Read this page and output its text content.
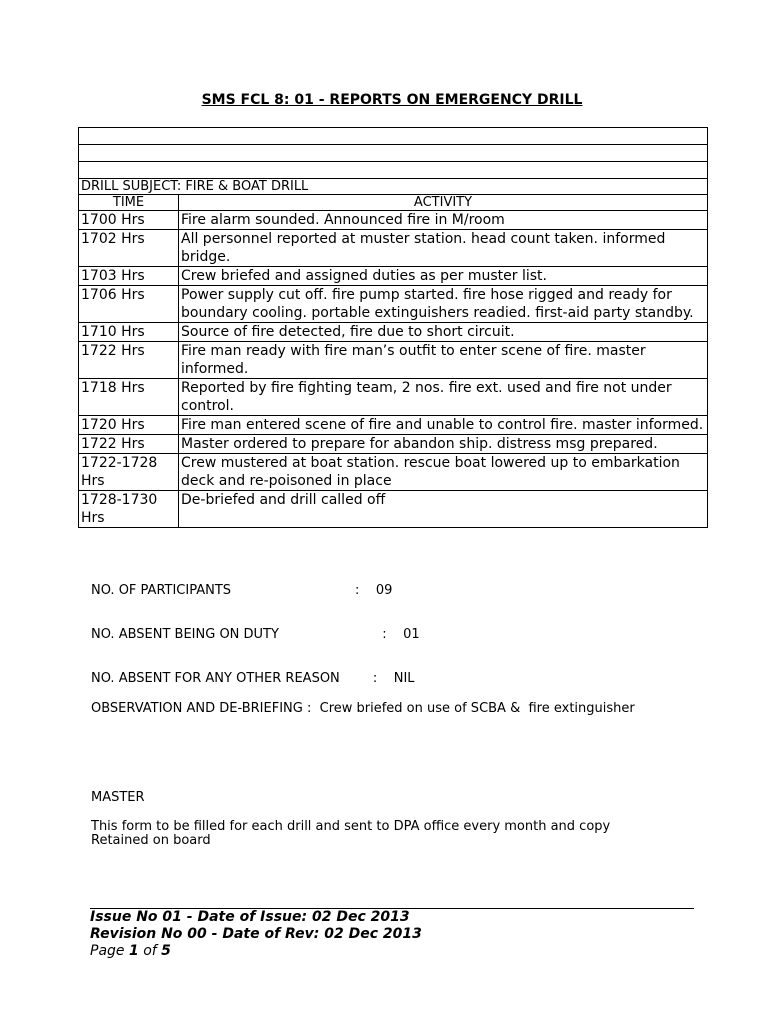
SMS FCL 8: 01 - REPORTS ON EMERGENCY DRILL

DRILL SUBJECT: FIRE & BOAT DRILL	
TIME	ACTIVITY
1700 Hrs	Fire alarm sounded. Announced fire in M/room
1702 Hrs	All personnel reported at muster station. head count taken. informed bridge.
1703 Hrs	Crew briefed and assigned duties as per muster list.
1706 Hrs	Power supply cut off. fire pump started. fire hose rigged and ready for boundary cooling. portable extinguishers readied. first-aid party standby.
1710 Hrs	Source of fire detected, fire due to short circuit.
1722 Hrs	Fire man ready with fire man’s outfit to enter scene of fire. master informed.
1718 Hrs	Reported by fire fighting team, 2 nos. fire ext. used and fire not under control.
1720 Hrs	Fire man entered scene of fire and unable to control fire. master informed.
1722 Hrs	Master ordered to prepare for abandon ship. distress msg prepared.
1722-1728 Hrs	Crew mustered at boat station. rescue boat lowered up to embarkation deck and re-poisoned in place
1728-1730 Hrs	De-briefed and drill called off
NO. OF PARTICIPANTS                              :    09
NO. ABSENT BEING ON DUTY                         :    01
NO. ABSENT FOR ANY OTHER REASON        :    NIL
OBSERVATION AND DE-BRIEFING :  Crew briefed on use of SCBA &  fire extinguisher
MASTER
This form to be filled for each drill and sent to DPA office every month and copy
Retained on board
Issue No 01 - Date of Issue: 02 Dec 2013
Revision No 00 - Date of Rev: 02 Dec 2013
Page 1 of 5
